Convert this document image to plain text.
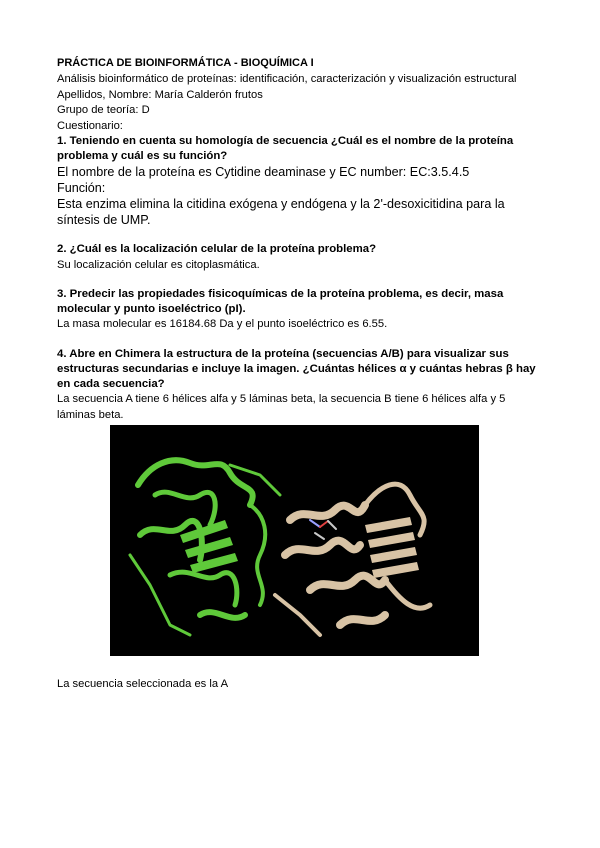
PRÁCTICA DE BIOINFORMÁTICA - BIOQUÍMICA I
Análisis bioinformático de proteínas: identificación, caracterización y visualización estructural
Apellidos, Nombre: María Calderón frutos
Grupo de teoría: D
Cuestionario:
1. Teniendo en cuenta su homología de secuencia ¿Cuál es el nombre de la proteína problema y cuál es su función?
El nombre de la proteína es Cytidine deaminase y EC number: EC:3.5.4.5
Función:
Esta enzima elimina la citidina exógena y endógena y la 2'-desoxicitidina para la síntesis de UMP.
2. ¿Cuál es la localización celular de la proteína problema?
Su localización celular es citoplasmática.
3. Predecir las propiedades fisicoquímicas de la proteína problema, es decir, masa molecular y punto isoeléctrico (pI).
La masa molecular es 16184.68 Da y el punto isoeléctrico es 6.55.
4. Abre en Chimera la estructura de la proteína (secuencias A/B) para visualizar sus estructuras secundarias e incluye la imagen. ¿Cuántas hélices α y cuántas hebras β hay en cada secuencia?
La secuencia A tiene 6 hélices alfa y 5 láminas beta, la secuencia B tiene 6 hélices alfa y 5 láminas beta.
La secuencia seleccionada es la A
